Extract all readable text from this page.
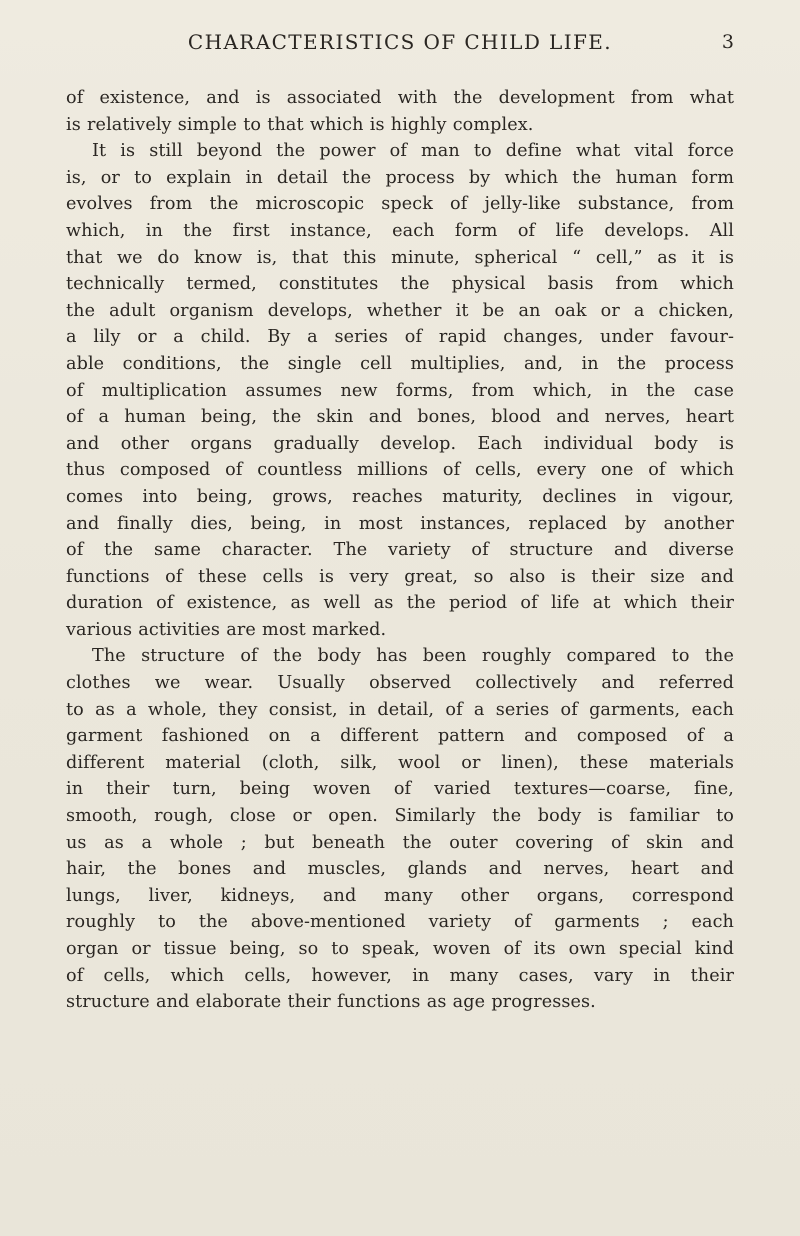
CHARACTERISTICS OF CHILD LIFE.	3

of existence, and is associated with the development from what
is relatively simple to that which is highly complex.

It is still beyond the power of man to define what vital force
is, or to explain in detail the process by which the human form
evolves from the microscopic speck of jelly-like substance, from
which, in the first instance, each form of life develops. All
that we do know is, that this minute, spherical “ cell,” as it is
technically termed, constitutes the physical basis from which
the adult organism develops, whether it be an oak or a chicken,
a lily or a child. By a series of rapid changes, under favour-
able conditions, the single cell multiplies, and, in the process
of multiplication assumes new forms, from which, in the case
of a human being, the skin and bones, blood and nerves, heart
and other organs gradually develop. Each individual body is
thus composed of countless millions of cells, every one of which
comes into being, grows, reaches maturity, declines in vigour,
and finally dies, being, in most instances, replaced by another
of the same character. The variety of structure and diverse
functions of these cells is very great, so also is their size and
duration of existence, as well as the period of life at which their
various activities are most marked.

The structure of the body has been roughly compared to the
clothes we wear. Usually observed collectively and referred
to as a whole, they consist, in detail, of a series of garments, each
garment fashioned on a different pattern and composed of a
different material (cloth, silk, wool or linen), these materials
in their turn, being woven of varied textures—coarse, fine,
smooth, rough, close or open. Similarly the body is familiar to
us as a whole ; but beneath the outer covering of skin and
hair, the bones and muscles, glands and nerves, heart and
lungs, liver, kidneys, and many other organs, correspond
roughly to the above-mentioned variety of garments ; each
organ or tissue being, so to speak, woven of its own special kind
of cells, which cells, however, in many cases, vary in their
structure and elaborate their functions as age progresses.
